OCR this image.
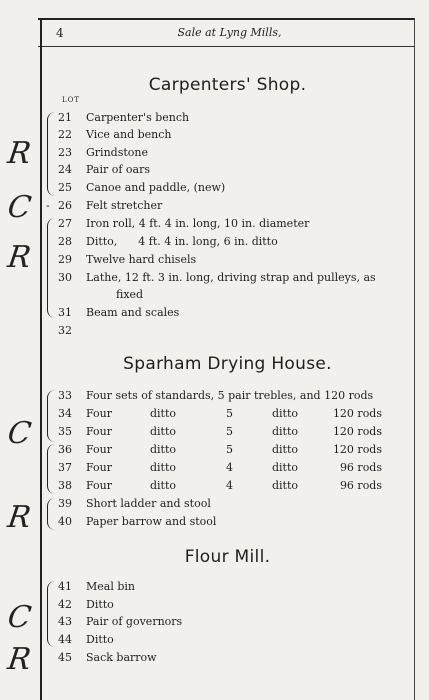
4	Sale at Lyng Mills,
Carpenters' Shop.
LOT
21	Carpenter's bench
22	Vice and bench
23	Grindstone
24	Pair of oars
25	Canoe and paddle, (new)
- 26	Felt stretcher
27	Iron roll, 4 ft. 4 in. long, 10 in. diameter
28	Ditto,      4 ft. 4 in. long, 6 in. ditto
29	Twelve hard chisels
30	Lathe, 12 ft. 3 in. long, driving strap and pulleys, as
fixed
31	Beam and scales
32
Sparham Drying House.
33	Four sets of standards, 5 pair trebles, and 120 rods
34	Four	ditto	5	ditto	120 rods
35	Four	ditto	5	ditto	120 rods
36	Four	ditto	5	ditto	120 rods
37	Four	ditto	4	ditto	96 rods
38	Four	ditto	4	ditto	96 rods
39	Short ladder and stool
40	Paper barrow and stool
Flour Mill.
41	Meal bin
42	Ditto
43	Pair of governors
44	Ditto
45	Sack barrow
R
C
R
C
R
C
R
